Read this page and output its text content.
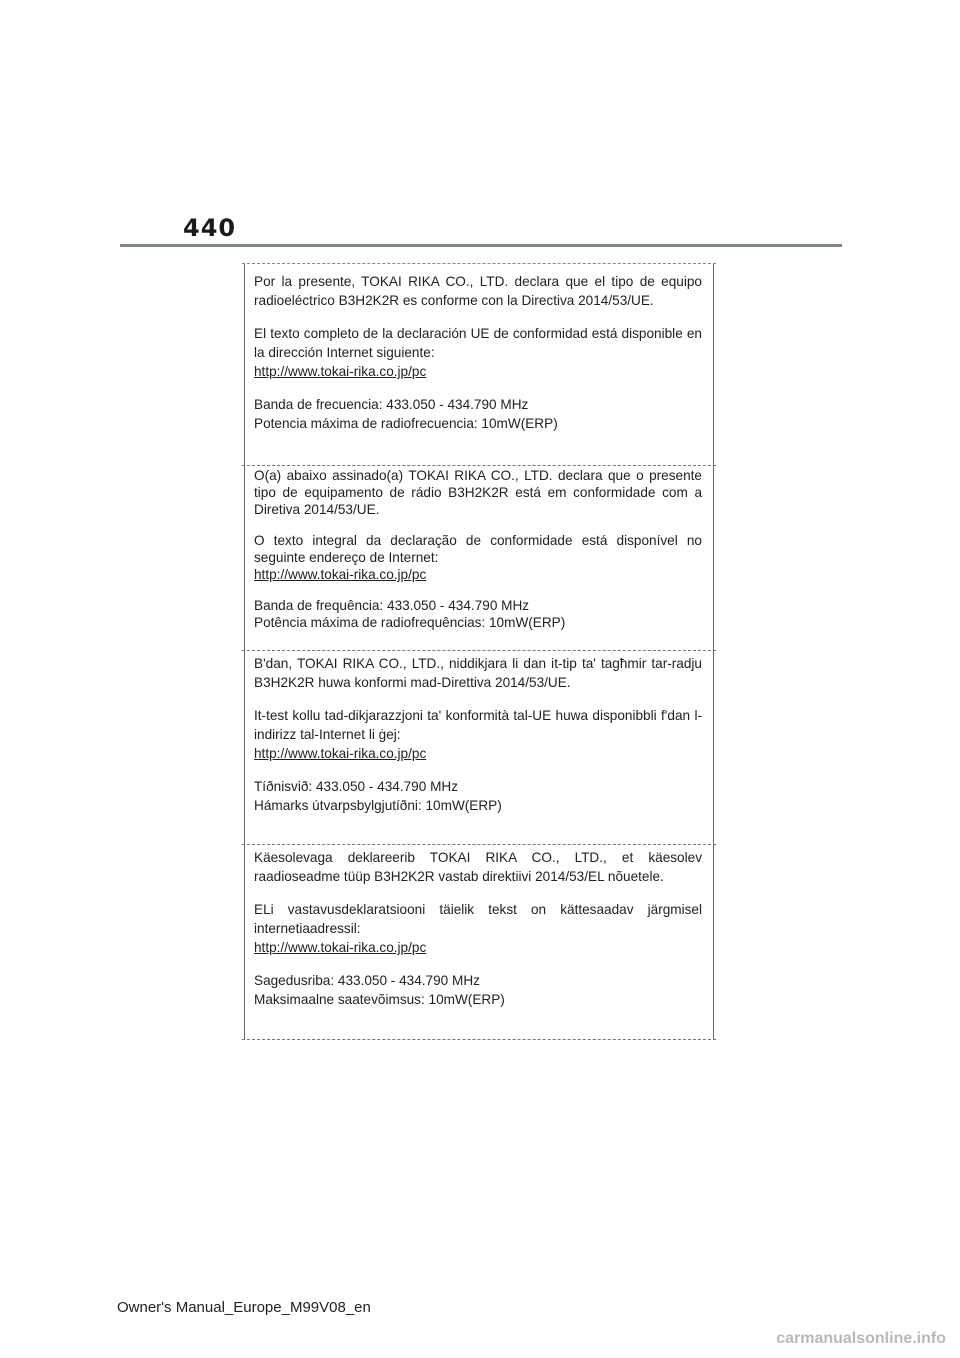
440

Por la presente, TOKAI RIKA CO., LTD. declara que el tipo de equipo radioeléctrico B3H2K2R es conforme con la Directiva 2014/53/UE.

El texto completo de la declaración UE de conformidad está disponible en la dirección Internet siguiente:

http://www.tokai-rika.co.jp/pc

Banda de frecuencia: 433.050 - 434.790 MHz

Potencia máxima de radiofrecuencia: 10mW(ERP)

O(a) abaixo assinado(a) TOKAI RIKA CO., LTD. declara que o presente tipo de equipamento de rádio B3H2K2R está em conformidade com a Diretiva 2014/53/UE.

O texto integral da declaração de conformidade está disponível no seguinte endereço de Internet:

http://www.tokai-rika.co.jp/pc

Banda de frequência: 433.050 - 434.790 MHz

Potência máxima de radiofrequências: 10mW(ERP)

B'dan, TOKAI RIKA CO., LTD., niddikjara li dan it-tip ta' tagħmir tar-radju B3H2K2R huwa konformi mad-Direttiva 2014/53/UE.

It-test kollu tad-dikjarazzjoni ta' konformità tal-UE huwa disponibbli f'dan l-indirizz tal-Internet li ġej:

http://www.tokai-rika.co.jp/pc

Tíðnisvið: 433.050 - 434.790 MHz

Hámarks útvarpsbylgjutíðni: 10mW(ERP)

Käesolevaga deklareerib TOKAI RIKA CO., LTD., et käesolev raadioseadme tüüp B3H2K2R vastab direktiivi 2014/53/EL nõuetele.

ELi vastavusdeklaratsiooni täielik tekst on kättesaadav järgmisel internetiaadressil:

http://www.tokai-rika.co.jp/pc

Sagedusriba: 433.050 - 434.790 MHz

Maksimaalne saatevõimsus: 10mW(ERP)

Owner's Manual_Europe_M99V08_en
carmanualsonline.info
